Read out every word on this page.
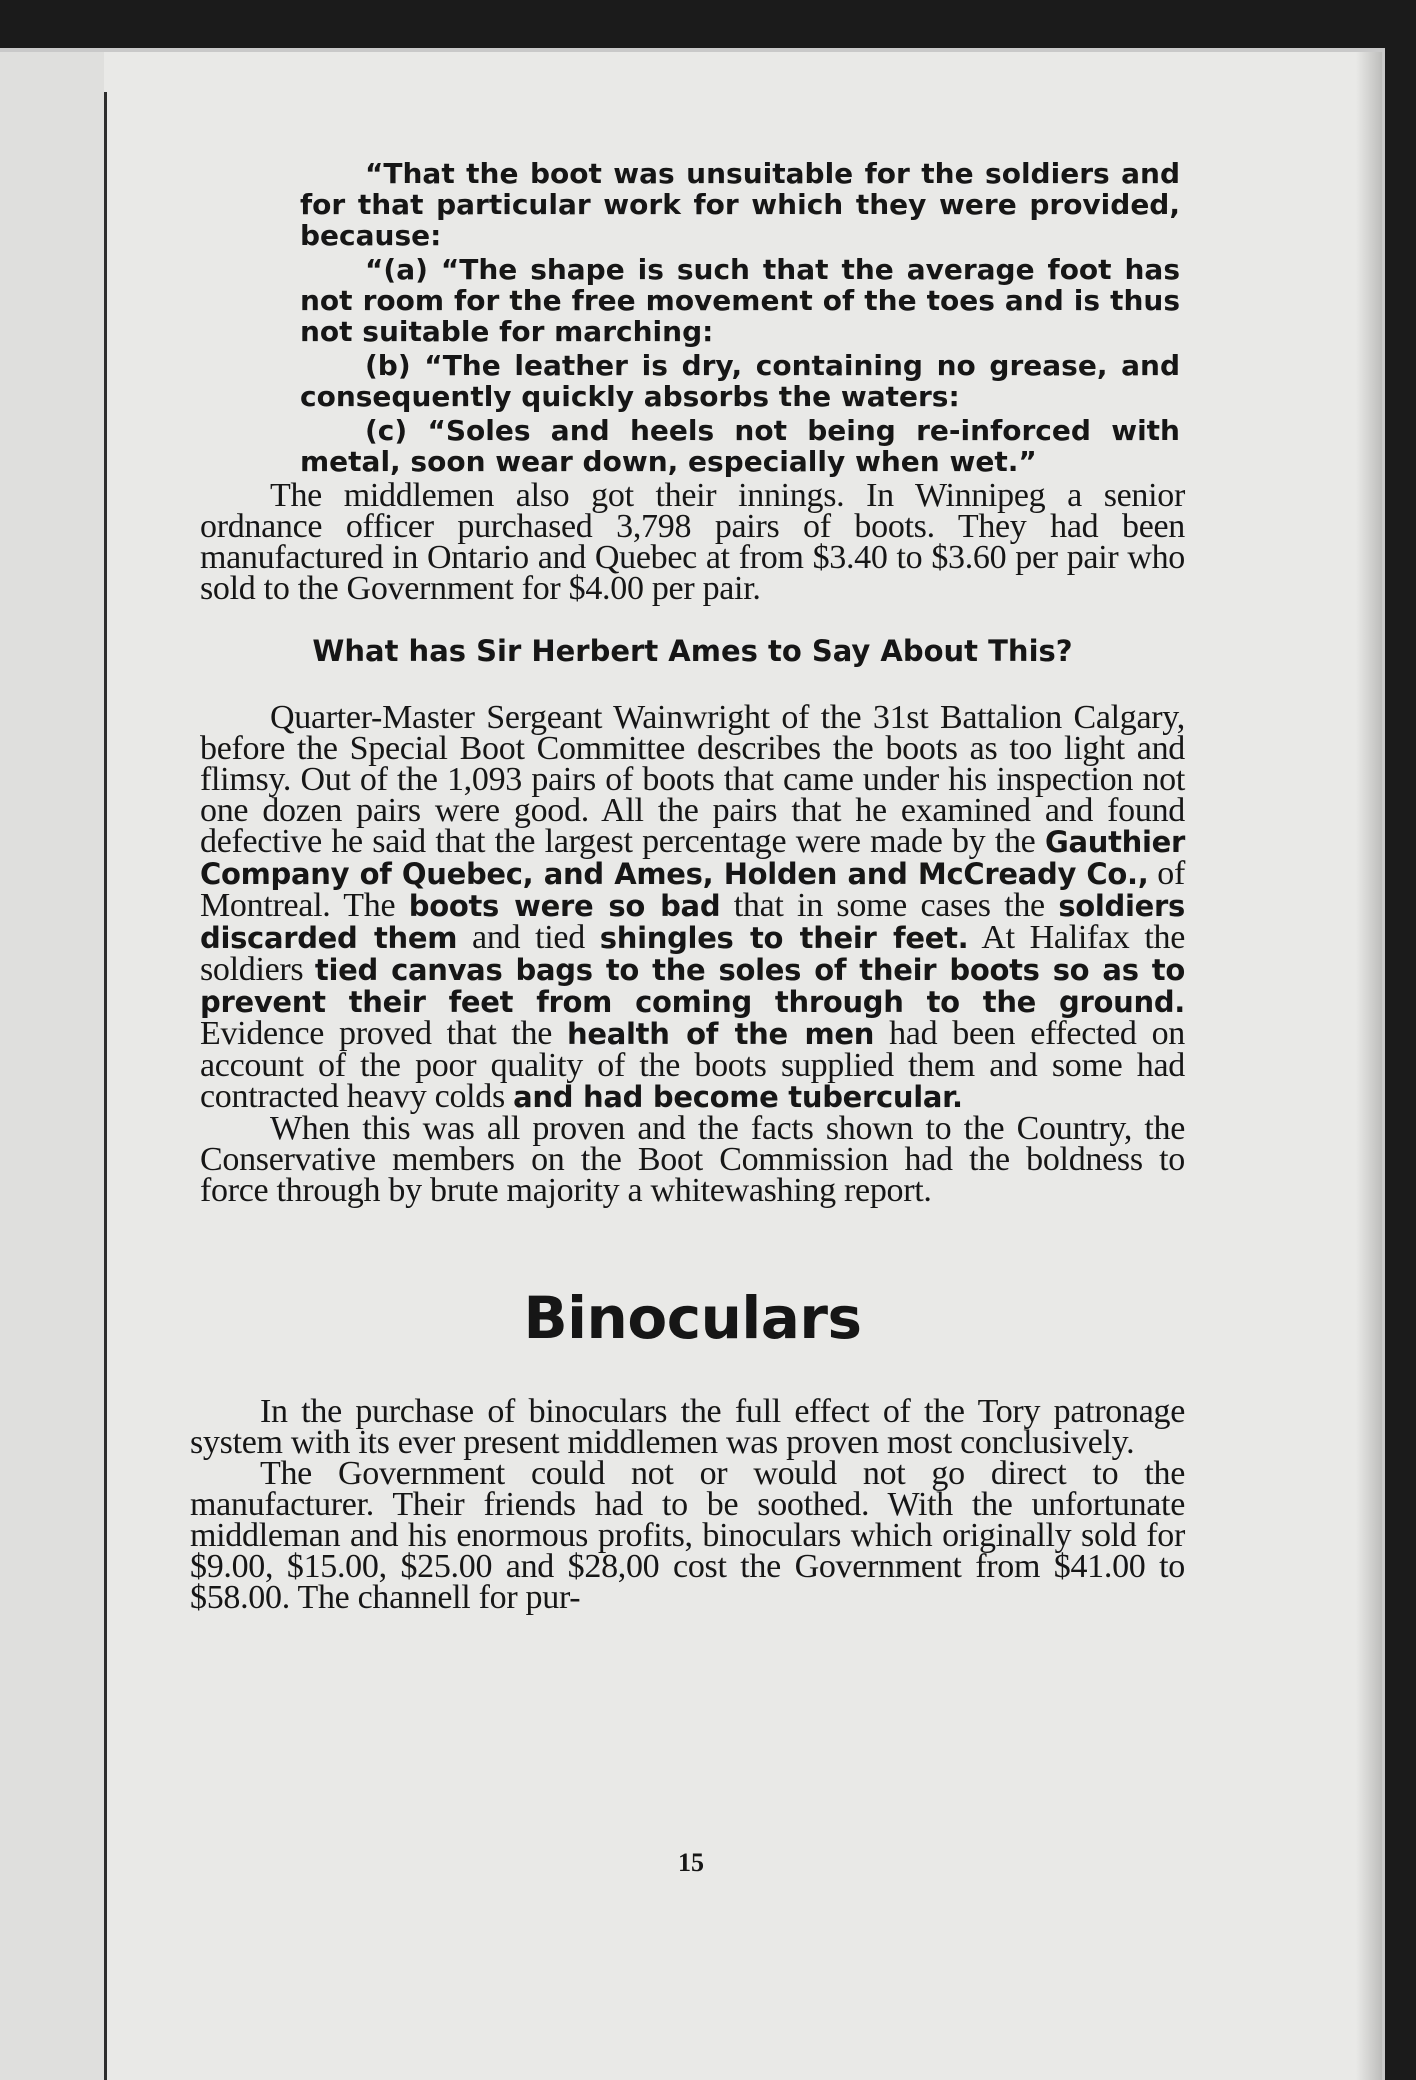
“That the boot was unsuitable for the soldiers and for that particular work for which they were provided, because:

“(a) “The shape is such that the average foot has not room for the free movement of the toes and is thus not suitable for marching:

(b) “The leather is dry, containing no grease, and consequently quickly absorbs the waters:

(c) “Soles and heels not being re-inforced with metal, soon wear down, especially when wet.”

The middlemen also got their innings. In Winnipeg a senior ordnance officer purchased 3,798 pairs of boots. They had been manufactured in Ontario and Quebec at from $3.40 to $3.60 per pair who sold to the Government for $4.00 per pair.

What has Sir Herbert Ames to Say About This?

Quarter-Master Sergeant Wainwright of the 31st Battalion Calgary, before the Special Boot Committee describes the boots as too light and flimsy. Out of the 1,093 pairs of boots that came under his inspection not one dozen pairs were good. All the pairs that he examined and found defective he said that the largest percentage were made by the Gauthier Company of Quebec, and Ames, Holden and McCready Co., of Montreal. The boots were so bad that in some cases the soldiers discarded them and tied shingles to their feet. At Halifax the soldiers tied canvas bags to the soles of their boots so as to prevent their feet from coming through to the ground. Evidence proved that the health of the men had been effected on account of the poor quality of the boots supplied them and some had contracted heavy colds and had become tubercular.

When this was all proven and the facts shown to the Country, the Conservative members on the Boot Commission had the boldness to force through by brute majority a whitewashing report.

Binoculars

In the purchase of binoculars the full effect of the Tory patronage system with its ever present middlemen was proven most conclusively.

The Government could not or would not go direct to the manufacturer. Their friends had to be soothed. With the unfortunate middleman and his enormous profits, binoculars which originally sold for $9.00, $15.00, $25.00 and $28,00 cost the Government from $41.00 to $58.00. The channell for pur-

15
